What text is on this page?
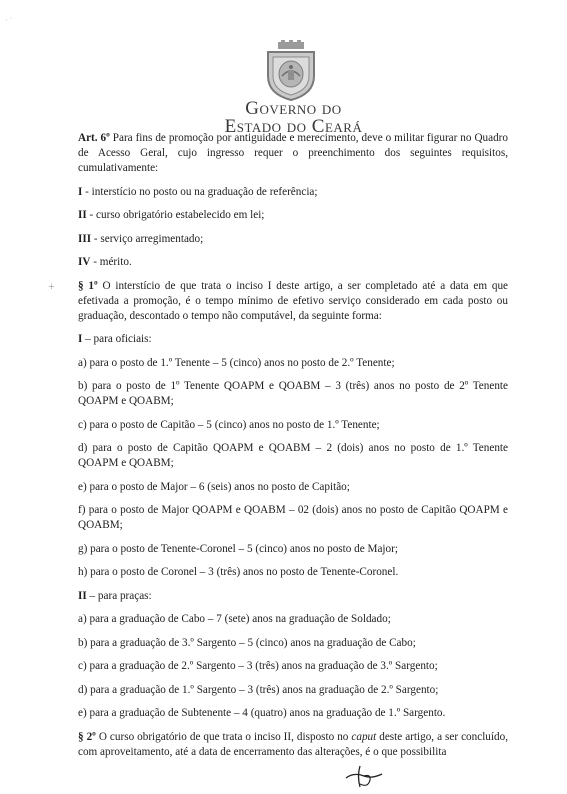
· ˙
Governo do
Estado do Ceará
+

Art. 6º Para fins de promoção por antiguidade e merecimento, deve o militar figurar no Quadro de Acesso Geral, cujo ingresso requer o preenchimento dos seguintes requisitos, cumulativamente:

I - interstício no posto ou na graduação de referência;

II - curso obrigatório estabelecido em lei;

III - serviço arregimentado;

IV - mérito.

§ 1º O interstício de que trata o inciso I deste artigo, a ser completado até a data em que efetivada a promoção, é o tempo mínimo de efetivo serviço considerado em cada posto ou graduação, descontado o tempo não computável, da seguinte forma:

I – para oficiais:

a) para o posto de 1.º Tenente – 5 (cinco) anos no posto de 2.º Tenente;

b) para o posto de 1º Tenente QOAPM e QOABM – 3 (três) anos no posto de 2º Tenente QOAPM e QOABM;

c) para o posto de Capitão – 5 (cinco) anos no posto de 1.º Tenente;

d) para o posto de Capitão QOAPM e QOABM – 2 (dois) anos no posto de 1.º Tenente QOAPM e QOABM;

e) para o posto de Major – 6 (seis) anos no posto de Capitão;

f) para o posto de Major QOAPM e QOABM – 02 (dois) anos no posto de Capitão QOAPM e QOABM;

g) para o posto de Tenente-Coronel – 5 (cinco) anos no posto de Major;

h) para o posto de Coronel – 3 (três) anos no posto de Tenente-Coronel.

II – para praças:

a) para a graduação de Cabo – 7 (sete) anos na graduação de Soldado;

b) para a graduação de 3.º Sargento – 5 (cinco) anos na graduação de Cabo;

c) para a graduação de 2.º Sargento – 3 (três) anos na graduação de 3.º Sargento;

d) para a graduação de 1.º Sargento – 3 (três) anos na graduação de 2.º Sargento;

e) para a graduação de Subtenente – 4 (quatro) anos na graduação de 1.º Sargento.

§ 2º O curso obrigatório de que trata o inciso II, disposto no caput deste artigo, a ser concluído, com aproveitamento, até a data de encerramento das alterações, é o que possibilita
